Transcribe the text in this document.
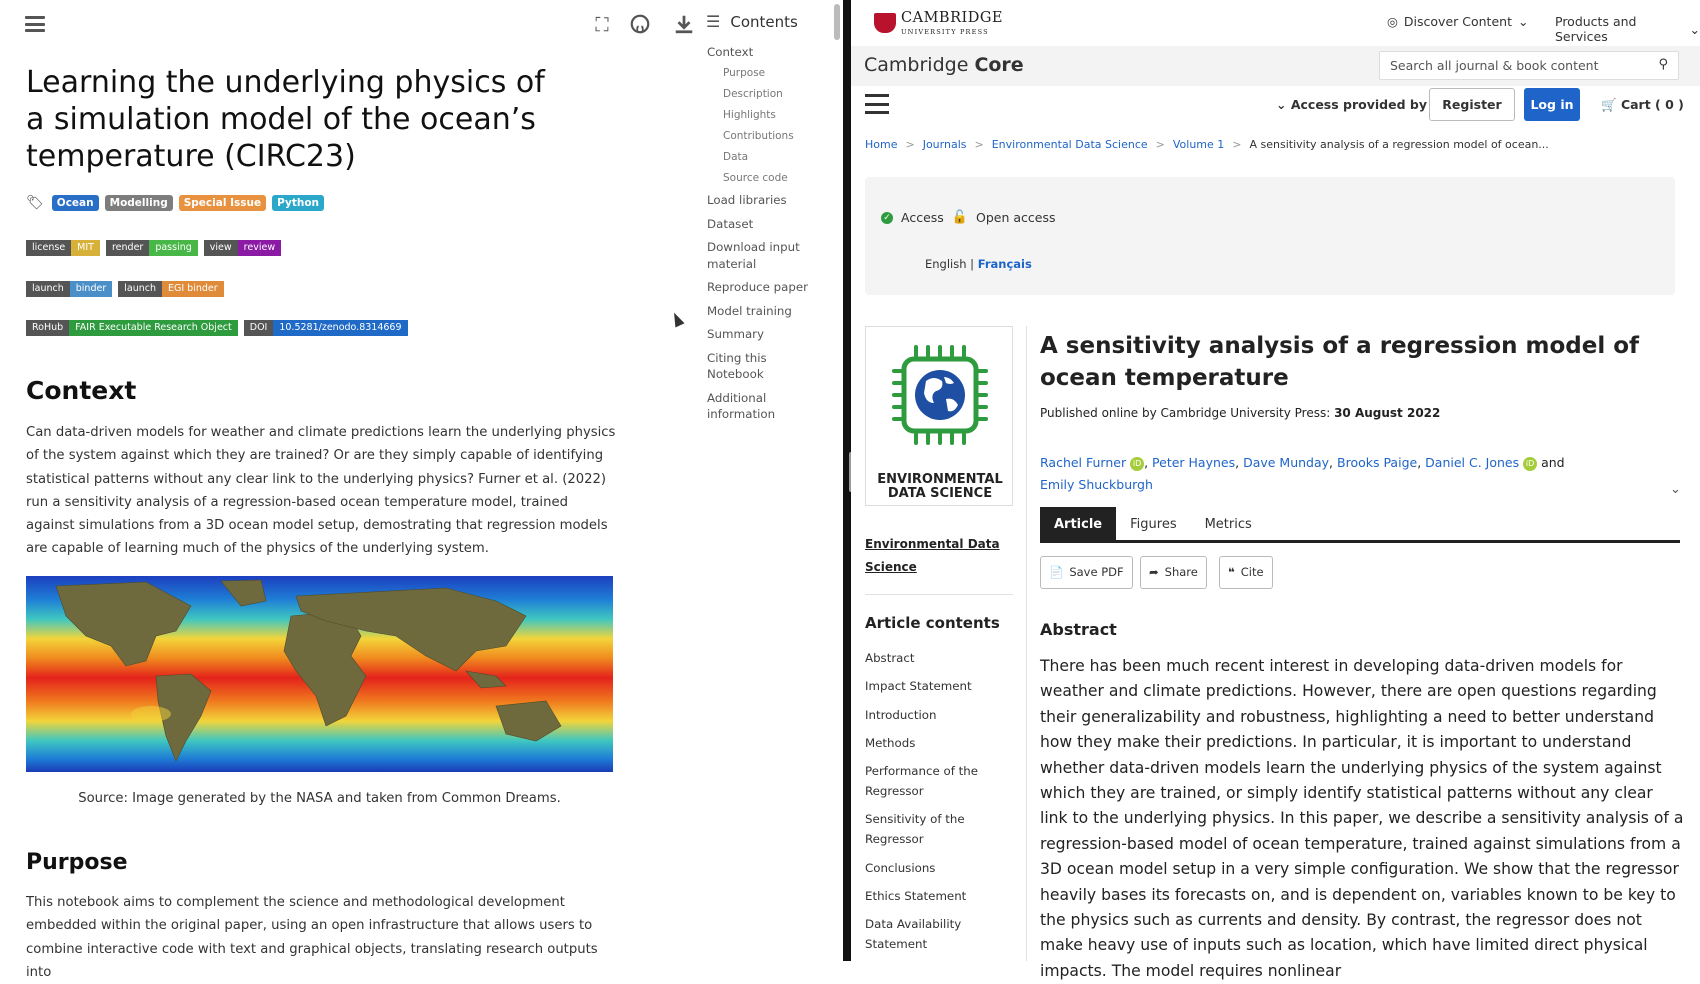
⛶	☰ Contents
Learning the underlying physics of a simulation model of the ocean’s temperature (CIRC23)
🏷	Ocean	Modelling	Special Issue	Python
license	MIT	render	passing	view	review
launch	binder	launch	EGI binder
RoHub	FAIR Executable Research Object	DOI	10.5281/zenodo.8314669
Context

Can data-driven models for weather and climate predictions learn the underlying physics of the system against which they are trained? Or are they simply capable of identifying statistical patterns without any clear link to the underlying physics? Furner et al. (2022) run a sensitivity analysis of a regression-based ocean temperature model, trained against simulations from a 3D ocean model setup, demostrating that regression models are capable of learning much of the physics of the underlying system.

Source: Image generated by the NASA and taken from Common Dreams.
Purpose

This notebook aims to complement the science and methodological development embedded within the original paper, using an open infrastructure that allows users to combine interactive code with text and graphical objects, translating research outputs into

Context
Purpose
Description
Highlights
Contributions
Data
Source code
Load libraries
Dataset
Download input material
Reproduce paper
Model training
Summary
Citing this Notebook
Additional information
CAMBRIDGE
UNIVERSITY PRESS
◎ Discover Content ⌄ Products and Services	⌄
Cambridge Core	Search all journal & book content	⚲
⌄ Access provided by	Register	Log in	🛒 Cart ( 0 )
Home > Journals > Environmental Data Science > Volume 1 > A sensitivity analysis of a regression model of ocean...
✓ Access 🔓 Open access
English | Français
ENVIRONMENTAL DATA SCIENCE
Environmental Data Science
Article contents
Abstract
Impact Statement
Introduction
Methods
Performance of the Regressor
Sensitivity of the Regressor
Conclusions
Ethics Statement
Data Availability Statement
A sensitivity analysis of a regression model of ocean temperature
Published online by Cambridge University Press: 30 August 2022
Rachel Furner iD , Peter Haynes, Dave Munday, Brooks Paige, Daniel C. Jones iD and
Emily Shuckburgh	⌄
Article	Figures	Metrics
📄 Save PDF ➦ Share	❝ Cite
Abstract

There has been much recent interest in developing data-driven models for weather and climate predictions. However, there are open questions regarding their generalizability and robustness, highlighting a need to better understand how they make their predictions. In particular, it is important to understand whether data-driven models learn the underlying physics of the system against which they are trained, or simply identify statistical patterns without any clear link to the underlying physics. In this paper, we describe a sensitivity analysis of a regression-based model of ocean temperature, trained against simulations from a 3D ocean model setup in a very simple configuration. We show that the regressor heavily bases its forecasts on, and is dependent on, variables known to be key to the physics such as currents and density. By contrast, the regressor does not make heavy use of inputs such as location, which have limited direct physical impacts. The model requires nonlinear
